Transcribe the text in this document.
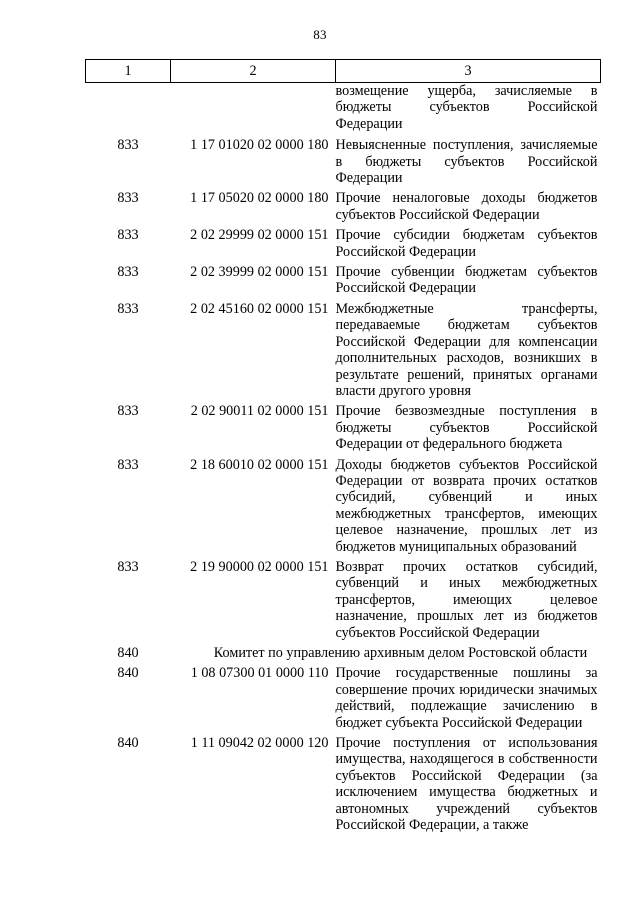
83
1	2	3
		возмещение ущерба, зачисляемые в бюджеты субъектов Российской Федерации
833	1 17 01020 02 0000 180	Невыясненные поступления, зачисляемые в бюджеты субъектов Российской Федерации
833	1 17 05020 02 0000 180	Прочие неналоговые доходы бюджетов субъектов Российской Федерации
833	2 02 29999 02 0000 151	Прочие субсидии бюджетам субъектов Российской Федерации
833	2 02 39999 02 0000 151	Прочие субвенции бюджетам субъектов Российской Федерации
833	2 02 45160 02 0000 151	Межбюджетные трансферты, передаваемые бюджетам субъектов Российской Федерации для компенсации дополнительных расходов, возникших в результате решений, принятых органами власти другого уровня
833	2 02 90011 02 0000 151	Прочие безвозмездные поступления в бюджеты субъектов Российской Федерации от федерального бюджета
833	2 18 60010 02 0000 151	Доходы бюджетов субъектов Российской Федерации от возврата прочих остатков субсидий, субвенций и иных межбюджетных трансфертов, имеющих целевое назначение, прошлых лет из бюджетов муниципальных образований
833	2 19 90000 02 0000 151	Возврат прочих остатков субсидий, субвенций и иных межбюджетных трансфертов, имеющих целевое назначение, прошлых лет из бюджетов субъектов Российской Федерации
840	Комитет по управлению архивным делом Ростовской области	
840	1 08 07300 01 0000 110	Прочие государственные пошлины за совершение прочих юридически значимых действий, подлежащие зачислению в бюджет субъекта Российской Федерации
840	1 11 09042 02 0000 120	Прочие поступления от использования имущества, находящегося в собственности субъектов Российской Федерации (за исключением имущества бюджетных и автономных учреждений субъектов Российской Федерации, а также
